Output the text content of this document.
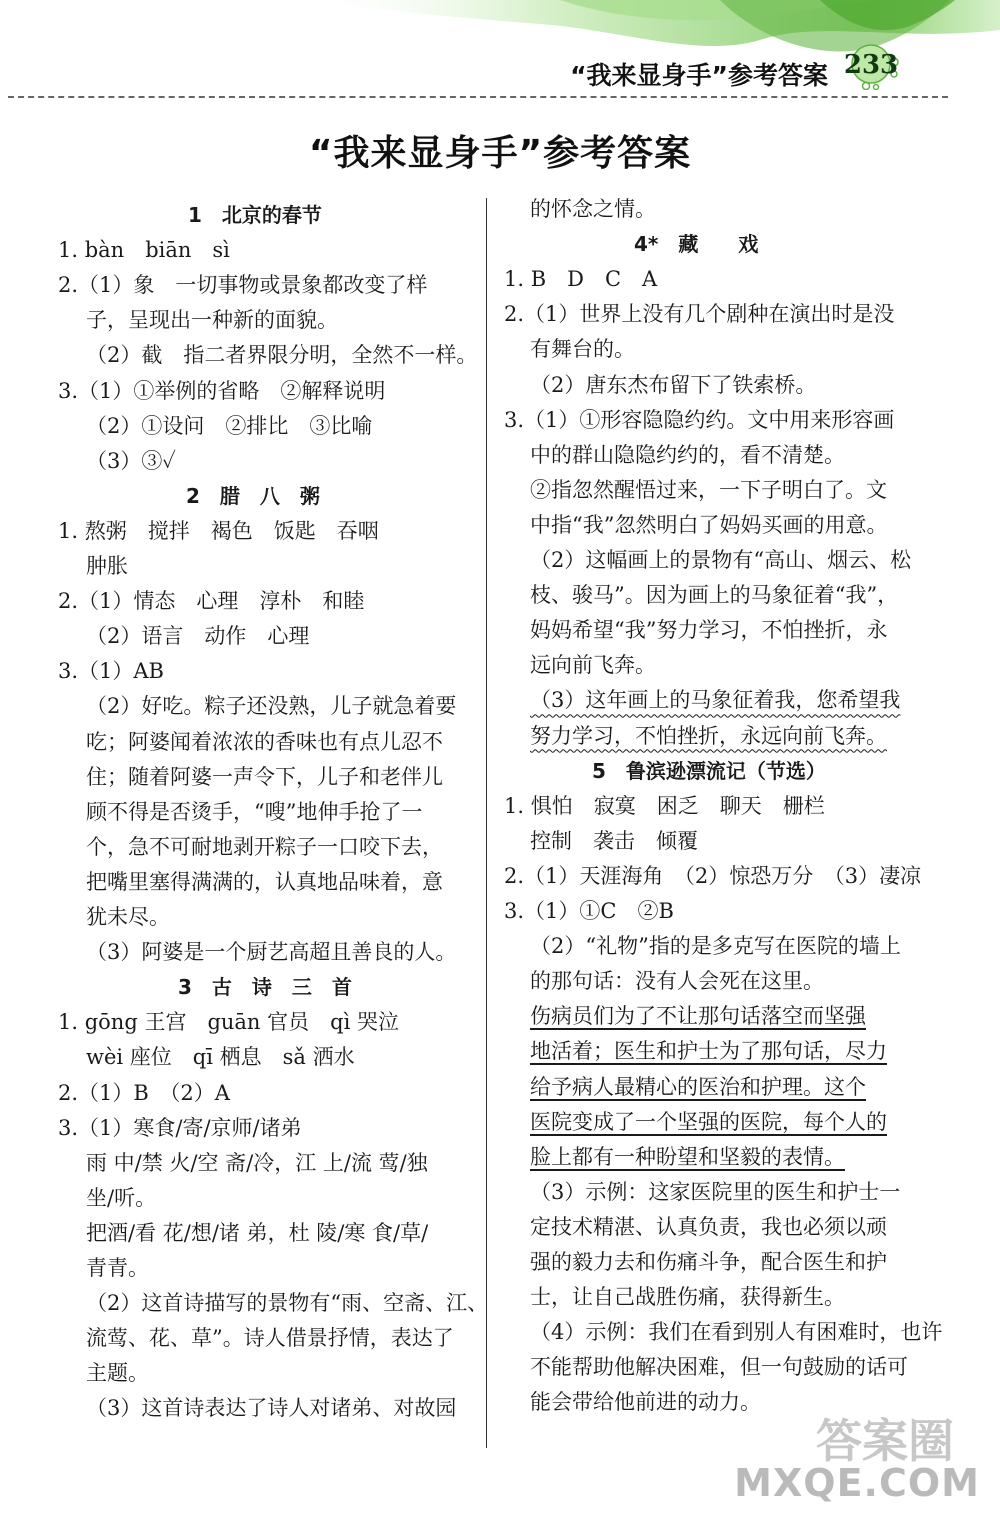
“我来显身手”参考答案 233
“我来显身手”参考答案
1　北京的春节
1. bàn　biān　sì
2.（1）象　一切事物或景象都改变了样
子，呈现出一种新的面貌。
（2）截　指二者界限分明，全然不一样。
3.（1）①举例的省略　②解释说明
（2）①设问　②排比　③比喻
（3）③✓
2　腊　八　粥
1. 熬粥　搅拌　褐色　饭匙　吞咽
肿胀
2.（1）情态　心理　淳朴　和睦
（2）语言　动作　心理
3.（1）AB
（2）好吃。粽子还没熟，儿子就急着要
吃；阿婆闻着浓浓的香味也有点儿忍不
住；随着阿婆一声令下，儿子和老伴儿
顾不得是否烫手，“嗖”地伸手抢了一
个，急不可耐地剥开粽子一口咬下去，
把嘴里塞得满满的，认真地品味着，意
犹未尽。
（3）阿婆是一个厨艺高超且善良的人。
3　古　诗　三　首
1. gōng 王宫　guān 官员　qì 哭泣
wèi 座位　qī 栖息　sǎ 洒水
2.（1）B　（2）A
3.（1）寒食/寄/京师/诸弟
雨 中/禁 火/空 斋/冷，江 上/流 莺/独
坐/听。
把酒/看 花/想/诸 弟，杜 陵/寒 食/草/
青青。
（2）这首诗描写的景物有“雨、空斋、江、
流莺、花、草”。诗人借景抒情，表达了
主题。
（3）这首诗表达了诗人对诸弟、对故园
的怀念之情。
4*　藏　　戏
1. B　D　C　A
2.（1）世界上没有几个剧种在演出时是没
有舞台的。
（2）唐东杰布留下了铁索桥。
3.（1）①形容隐隐约约。文中用来形容画
中的群山隐隐约约的，看不清楚。
②指忽然醒悟过来，一下子明白了。文
中指“我”忽然明白了妈妈买画的用意。
（2）这幅画上的景物有“高山、烟云、松
枝、骏马”。因为画上的马象征着“我”，
妈妈希望“我”努力学习，不怕挫折，永
远向前飞奔。
（3）这年画上的马象征着我，您希望我
努力学习，不怕挫折，永远向前飞奔。
5　鲁滨逊漂流记（节选）
1. 惧怕　寂寞　困乏　聊天　栅栏
控制　袭击　倾覆
2.（1）天涯海角　（2）惊恐万分　（3）凄凉
3.（1）①C　②B
（2）“礼物”指的是多克写在医院的墙上
的那句话：没有人会死在这里。
伤病员们为了不让那句话落空而坚强
地活着；医生和护士为了那句话，尽力
给予病人最精心的医治和护理。这个
医院变成了一个坚强的医院，每个人的
脸上都有一种盼望和坚毅的表情。
（3）示例：这家医院里的医生和护士一
定技术精湛、认真负责，我也必须以顽
强的毅力去和伤痛斗争，配合医生和护
士，让自己战胜伤痛，获得新生。
（4）示例：我们在看到别人有困难时，也许
不能帮助他解决困难，但一句鼓励的话可
能会带给他前进的动力。
答案圈
MXQE.COM
